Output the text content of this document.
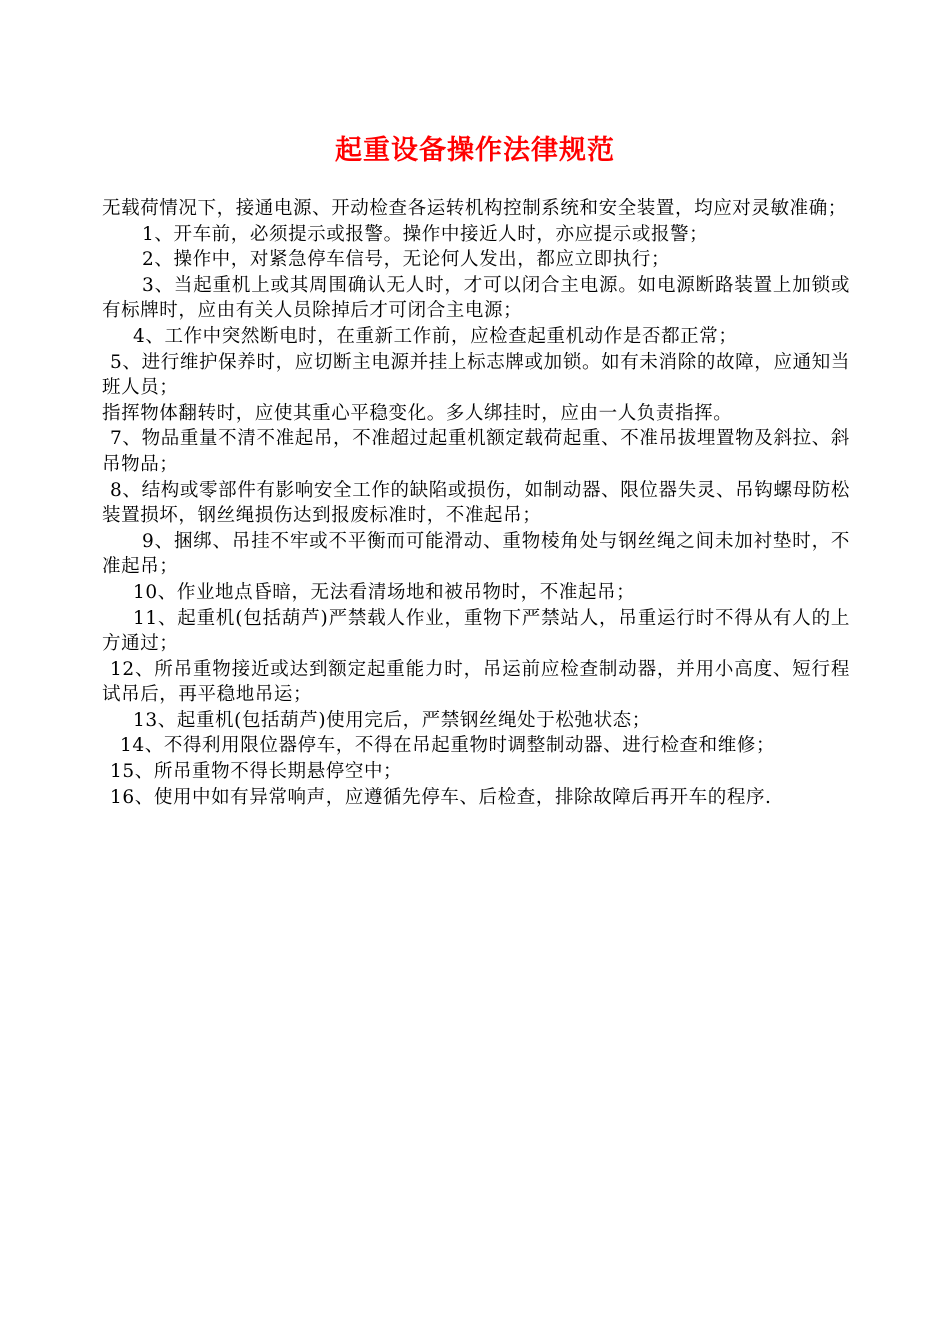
起重设备操作法律规范

无载荷情况下，接通电源、开动检查各运转机构控制系统和安全装置，均应对灵敏准确；

1、开车前，必须提示或报警。操作中接近人时，亦应提示或报警；

2、操作中，对紧急停车信号，无论何人发出，都应立即执行；

3、当起重机上或其周围确认无人时，才可以闭合主电源。如电源断路装置上加锁或有标牌时，应由有关人员除掉后才可闭合主电源；

4、工作中突然断电时，在重新工作前，应检查起重机动作是否都正常；

5、进行维护保养时，应切断主电源并挂上标志牌或加锁。如有未消除的故障，应通知当班人员；

指挥物体翻转时，应使其重心平稳变化。多人绑挂时，应由一人负责指挥。

7、物品重量不清不准起吊，不准超过起重机额定载荷起重、不准吊拔埋置物及斜拉、斜吊物品；

8、结构或零部件有影响安全工作的缺陷或损伤，如制动器、限位器失灵、吊钩螺母防松装置损坏，钢丝绳损伤达到报废标准时，不准起吊；

9、捆绑、吊挂不牢或不平衡而可能滑动、重物棱角处与钢丝绳之间未加衬垫时，不准起吊；

10、作业地点昏暗，无法看清场地和被吊物时，不准起吊；

11、起重机(包括葫芦)严禁载人作业，重物下严禁站人，吊重运行时不得从有人的上方通过；

12、所吊重物接近或达到额定起重能力时，吊运前应检查制动器，并用小高度、短行程试吊后，再平稳地吊运；

13、起重机(包括葫芦)使用完后，严禁钢丝绳处于松弛状态；

14、不得利用限位器停车，不得在吊起重物时调整制动器、进行检查和维修；

15、所吊重物不得长期悬停空中；

16、使用中如有异常响声，应遵循先停车、后检查，排除故障后再开车的程序.
